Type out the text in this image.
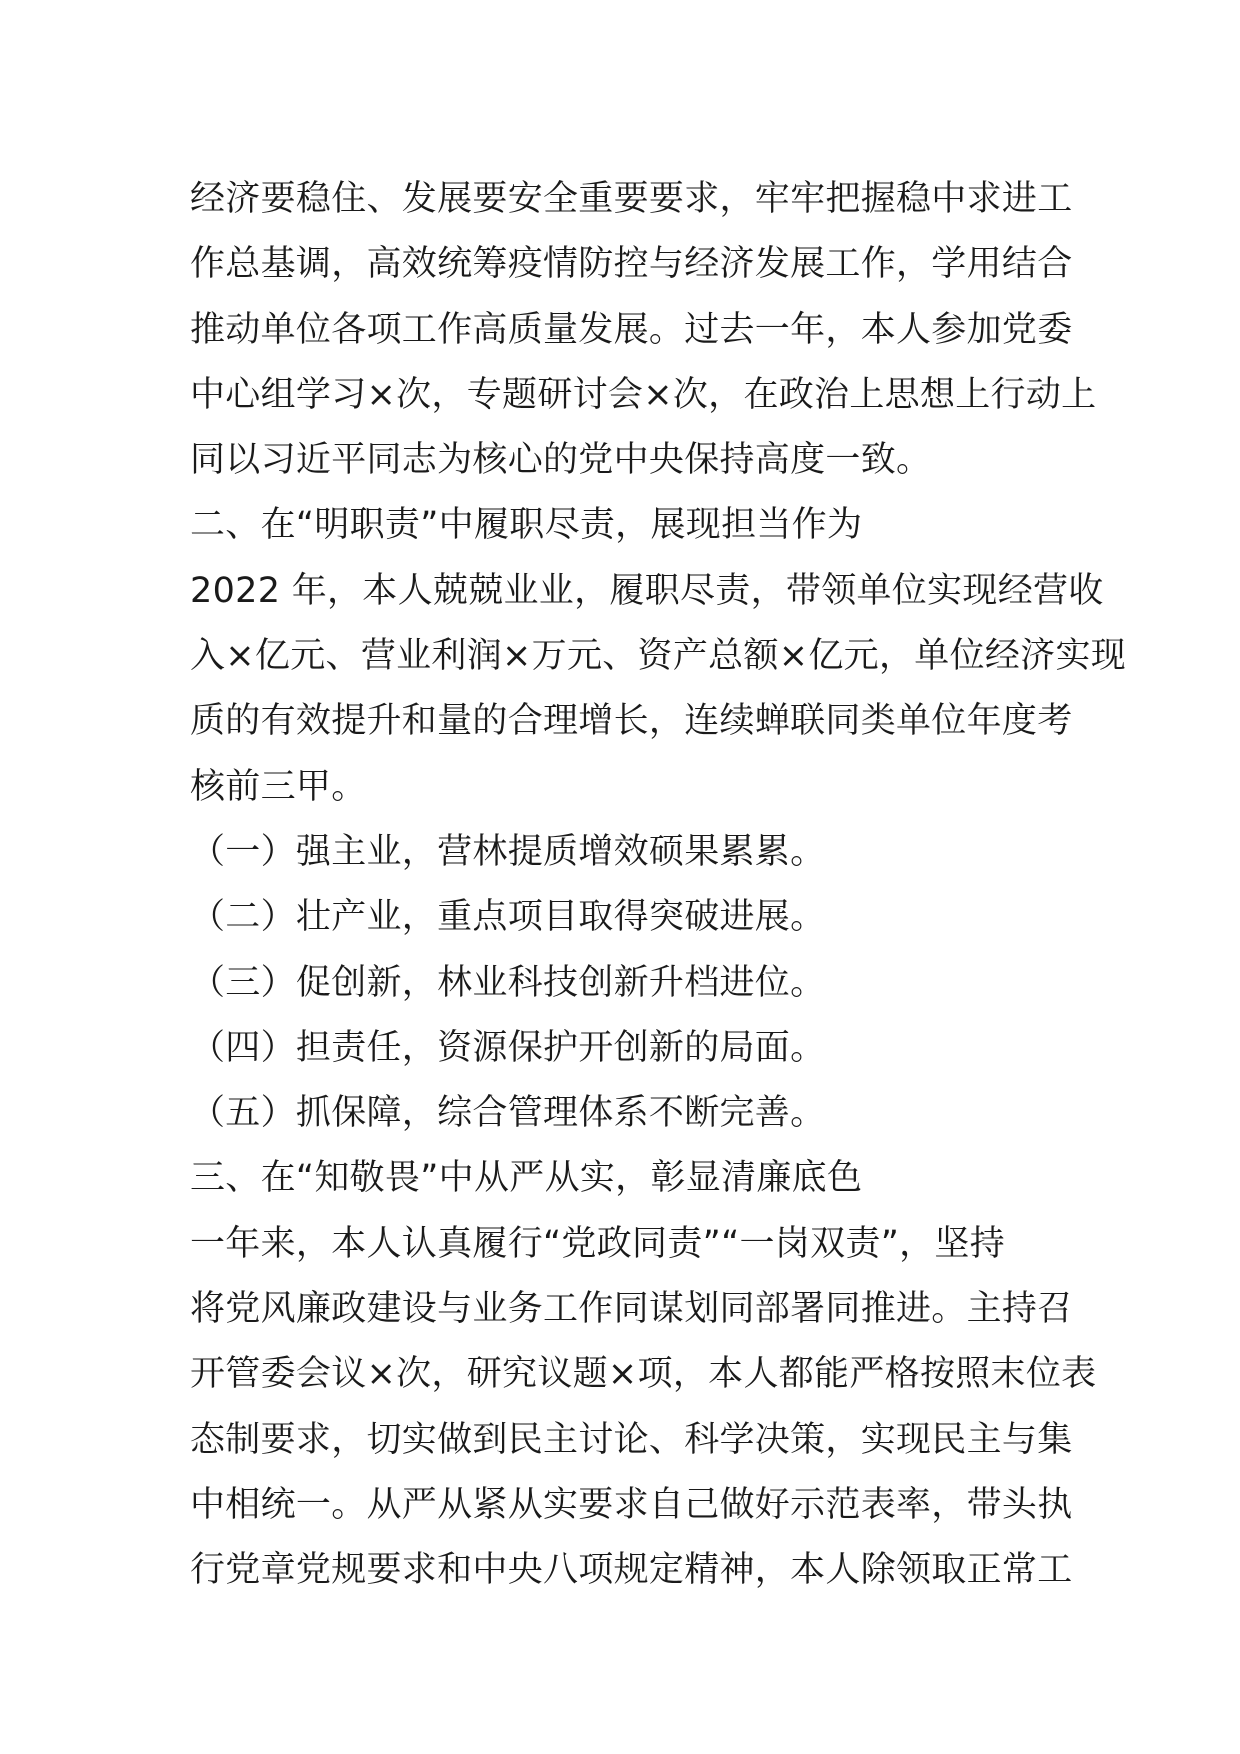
经济要稳住、发展要安全重要要求，牢牢把握稳中求进工

作总基调，高效统筹疫情防控与经济发展工作，学用结合

推动单位各项工作高质量发展。过去一年，本人参加党委

中心组学习×次，专题研讨会×次，在政治上思想上行动上

同以习近平同志为核心的党中央保持高度一致。

二、在“明职责”中履职尽责，展现担当作为

2022 年，本人兢兢业业，履职尽责，带领单位实现经营收

入×亿元、营业利润×万元、资产总额×亿元，单位经济实现

质的有效提升和量的合理增长，连续蝉联同类单位年度考

核前三甲。

（一）强主业，营林提质增效硕果累累。

（二）壮产业，重点项目取得突破进展。

（三）促创新，林业科技创新升档进位。

（四）担责任，资源保护开创新的局面。

（五）抓保障，综合管理体系不断完善。

三、在“知敬畏”中从严从实，彰显清廉底色

一年来，本人认真履行“党政同责”“一岗双责”，坚持

将党风廉政建设与业务工作同谋划同部署同推进。主持召

开管委会议×次，研究议题×项，本人都能严格按照末位表

态制要求，切实做到民主讨论、科学决策，实现民主与集

中相统一。从严从紧从实要求自己做好示范表率，带头执

行党章党规要求和中央八项规定精神，本人除领取正常工
